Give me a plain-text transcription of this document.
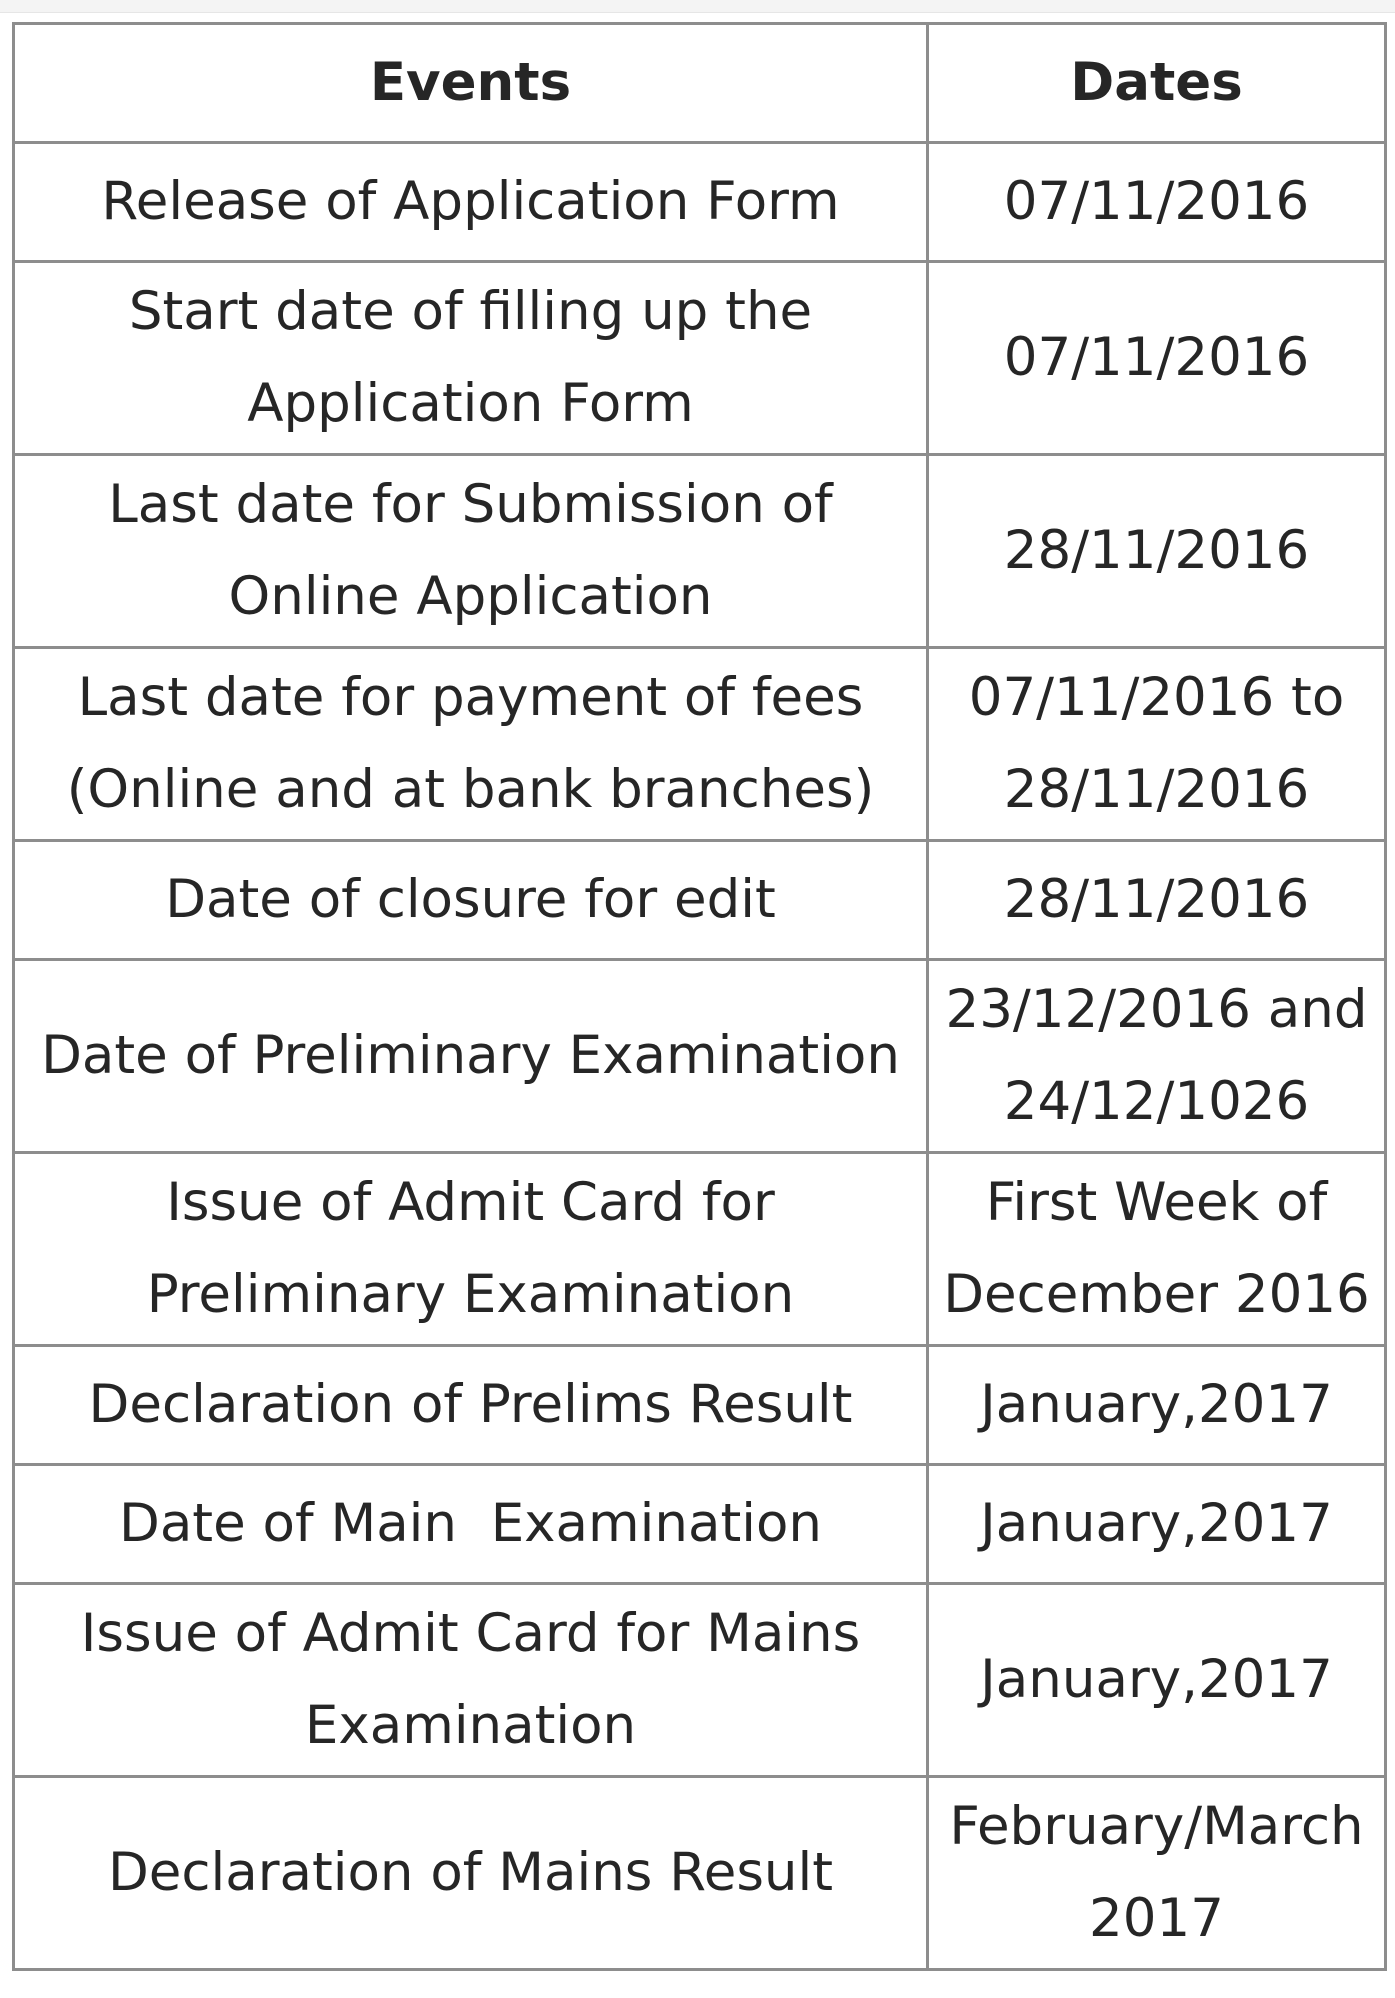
Events	Dates
Release of Application Form	07/11/2016
Start date of filling up the
Application Form	07/11/2016
Last date for Submission of
Online Application	28/11/2016
Last date for payment of fees
(Online and at bank branches)	07/11/2016 to
28/11/2016
Date of closure for edit	28/11/2016
Date of Preliminary Examination	23/12/2016 and
24/12/1026
Issue of Admit Card for
Preliminary Examination	First Week of
December 2016
Declaration of Prelims Result	January,2017
Date of Main  Examination	January,2017
Issue of Admit Card for Mains
Examination	January,2017
Declaration of Mains Result	February/March
2017
